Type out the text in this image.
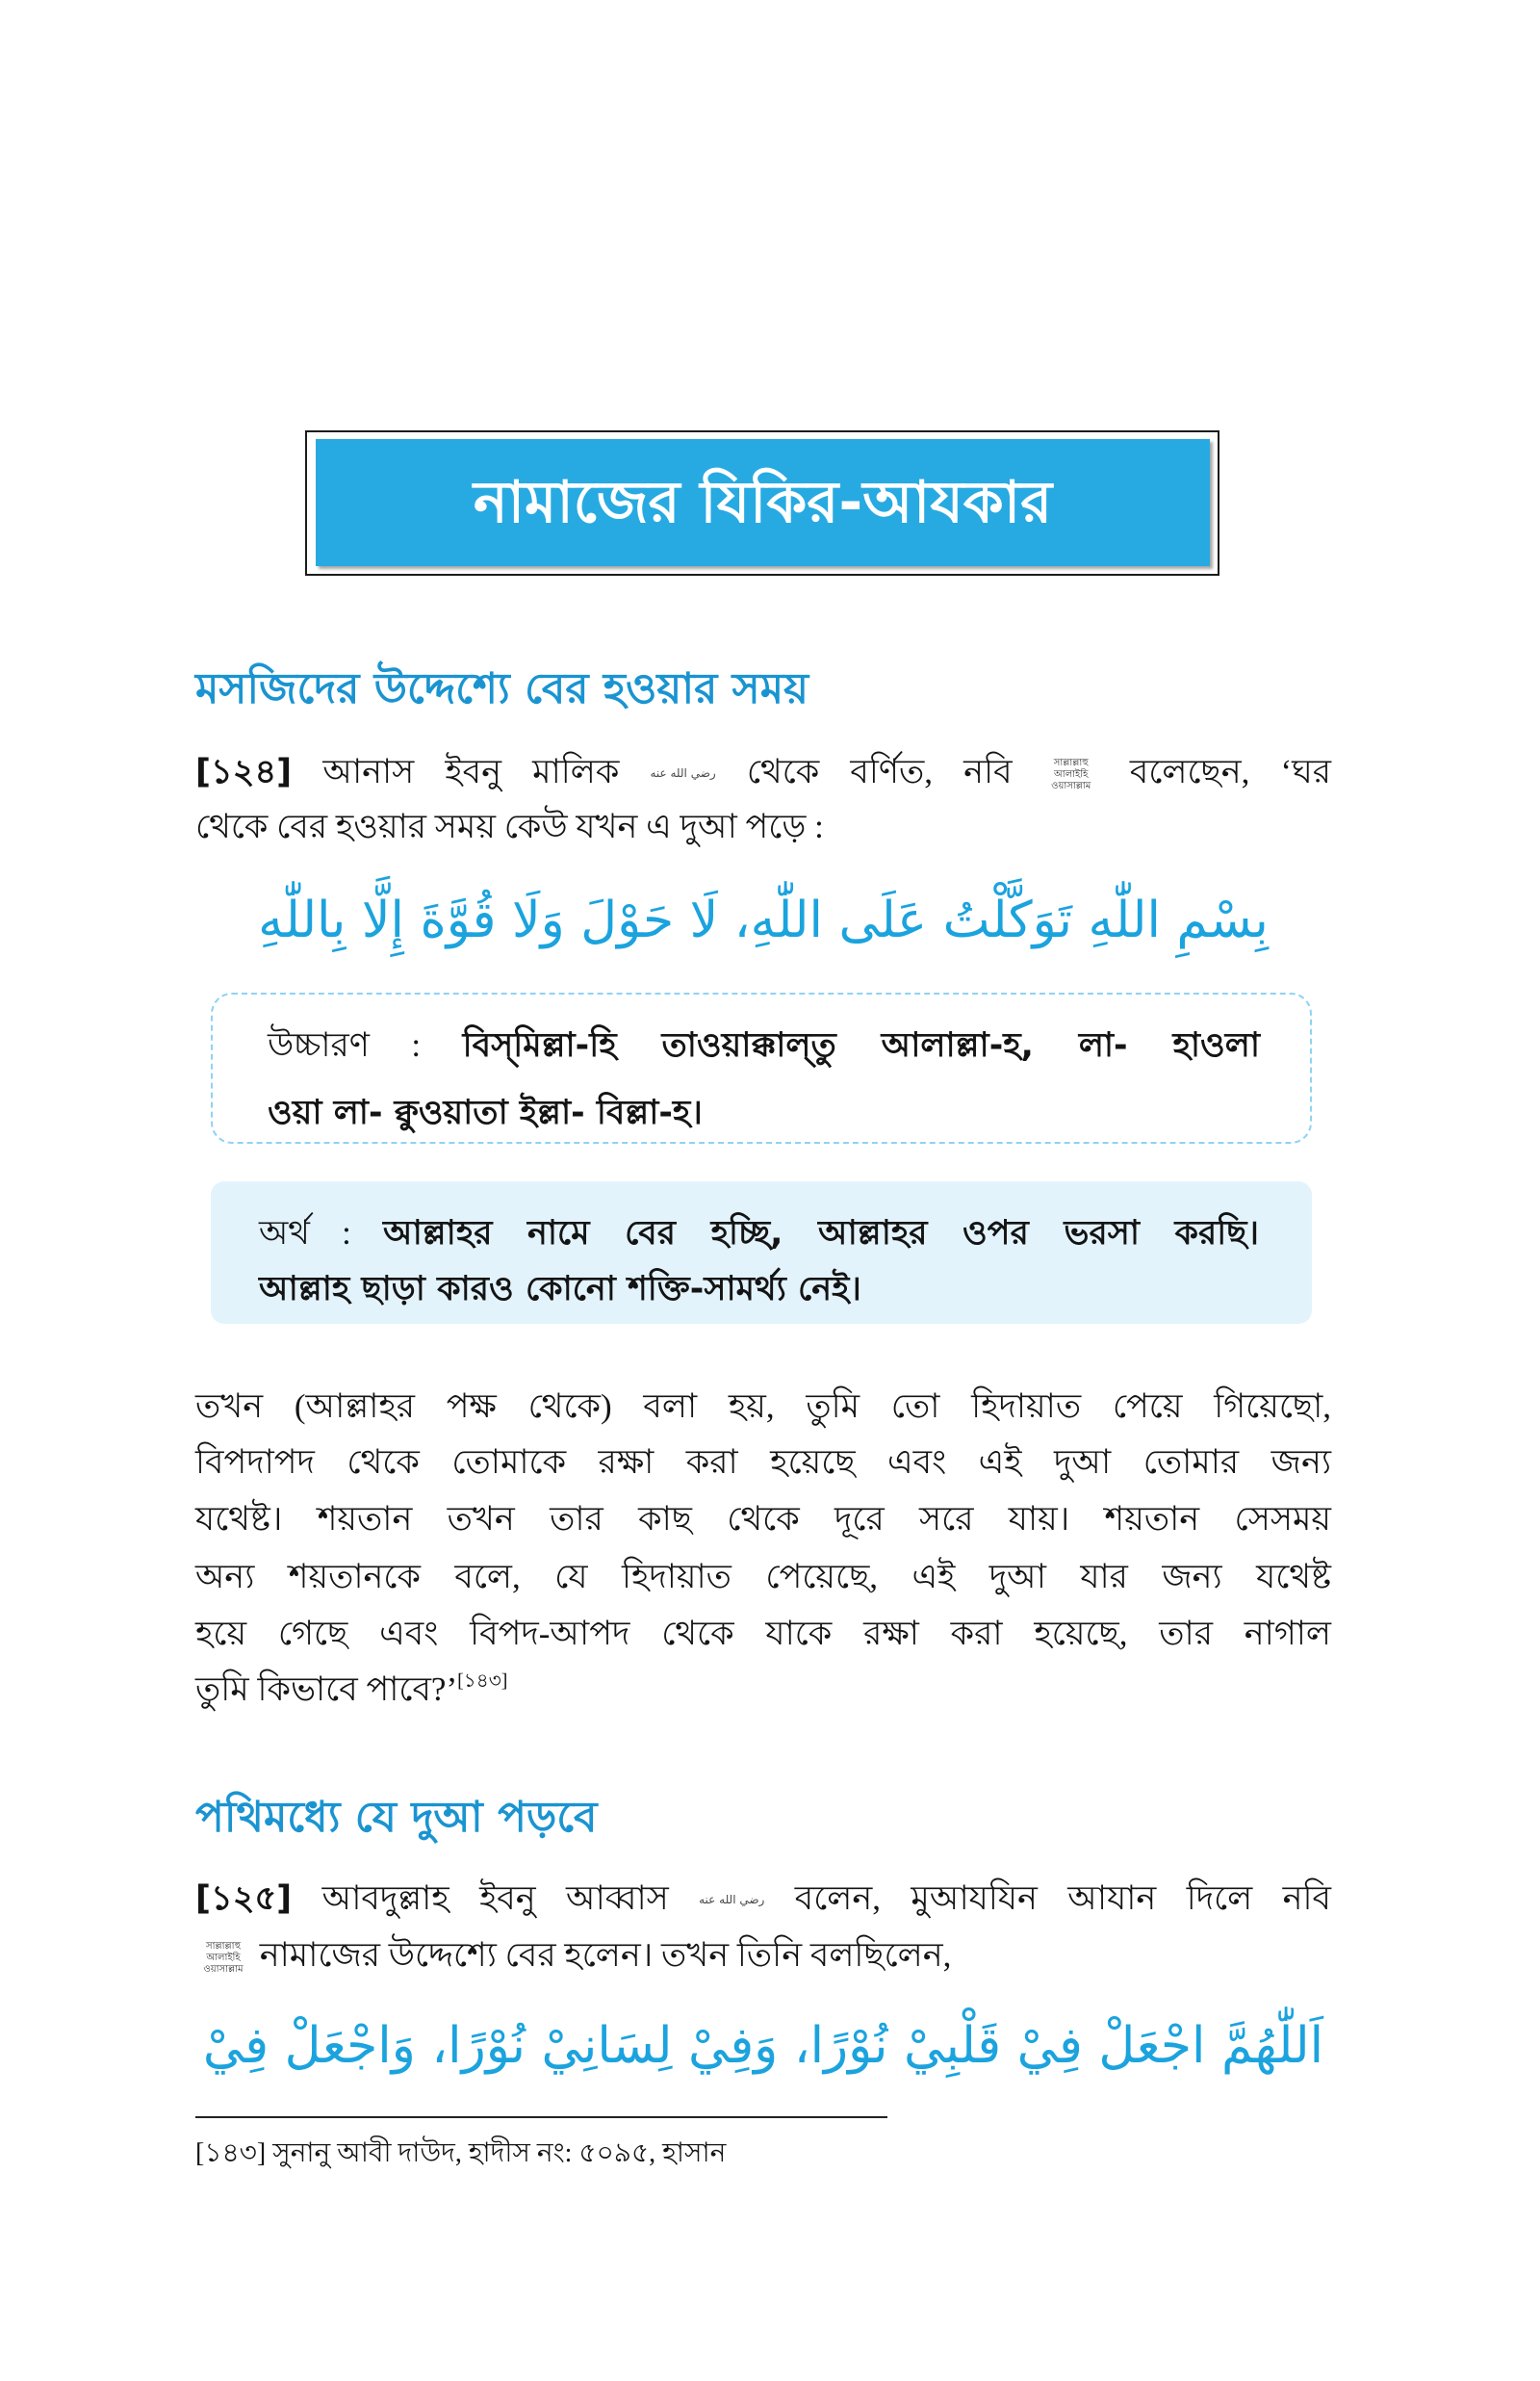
নামাজের যিকির-আযকার
মসজিদের উদ্দেশ্যে বের হওয়ার সময়
[১২৪] আনাস ইবনু মালিক	رضي الله عنه থেকে বর্ণিত, নবি	সাল্লাল্লাহু
আলাইহি
ওয়াসাল্লাম বলেছেন, ‘ঘর
থেকে বের হওয়ার সময় কেউ যখন এ দুআ পড়ে :
بِسْمِ اللّٰهِ تَوَكَّلْتُ عَلَى اللّٰهِ، لَا حَوْلَ وَلَا قُوَّةَ إِلَّا بِاللّٰهِ
উচ্চারণ : বিস্‌মিল্লা-হি তাওয়াক্কাল্‌তু আলাল্লা-হ, লা- হাওলা
ওয়া লা- ক্বুওয়াতা ইল্লা- বিল্লা-হ।
অর্থ : আল্লাহর নামে বের হচ্ছি, আল্লাহর ওপর ভরসা করছি।
আল্লাহ ছাড়া কারও কোনো শক্তি-সামর্থ্য নেই।
তখন (আল্লাহর পক্ষ থেকে) বলা হয়, তুমি তো হিদায়াত পেয়ে গিয়েছো,
বিপদাপদ থেকে তোমাকে রক্ষা করা হয়েছে এবং এই দুআ তোমার জন্য
যথেষ্ট। শয়তান তখন তার কাছ থেকে দূরে সরে যায়। শয়তান সেসময়
অন্য শয়তানকে বলে, যে হিদায়াত পেয়েছে, এই দুআ যার জন্য যথেষ্ট
হয়ে গেছে এবং বিপদ-আপদ থেকে যাকে রক্ষা করা হয়েছে, তার নাগাল
তুমি কিভাবে পাবে?’[১৪৩]
পথিমধ্যে যে দুআ পড়বে
[১২৫] আবদুল্লাহ ইবনু আব্বাস	رضي الله عنه বলেন, মুআযযিন আযান দিলে নবি
সাল্লাল্লাহু
আলাইহি
ওয়াসাল্লাম নামাজের উদ্দেশ্যে বের হলেন। তখন তিনি বলছিলেন,
اَللّٰهُمَّ اجْعَلْ فِيْ قَلْبِيْ نُوْرًا، وَفِيْ لِسَانِيْ نُوْرًا، وَاجْعَلْ فِيْ
[১৪৩] সুনানু আবী দাউদ, হাদীস নং: ৫০৯৫, হাসান
